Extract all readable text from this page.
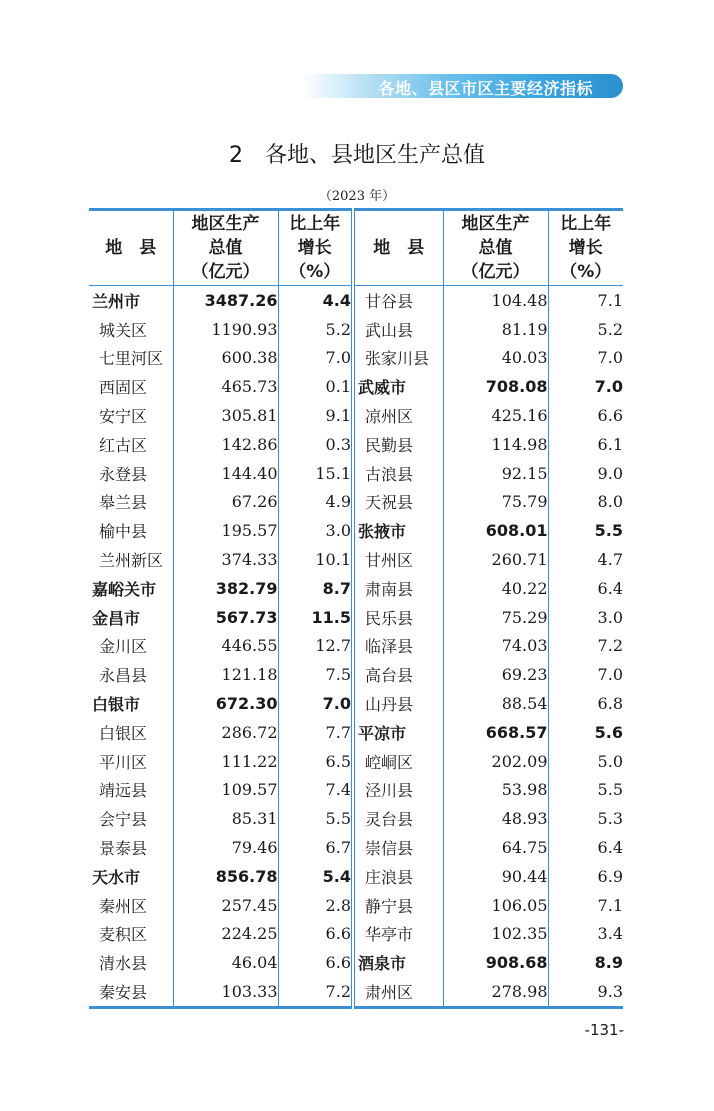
各地、县区市区主要经济指标
2 各地、县地区生产总值
（2023 年）
地　县	地区生产
总值
（亿元）	比上年
增长
（%）	地　县	地区生产
总值
（亿元）	比上年
增长
（%）

兰州市	3487.26	4.4	甘谷县	104.48	7.1
城关区	1190.93	5.2	武山县	81.19	5.2
七里河区	600.38	7.0	张家川县	40.03	7.0
西固区	465.73	0.1	武威市	708.08	7.0
安宁区	305.81	9.1	凉州区	425.16	6.6
红古区	142.86	0.3	民勤县	114.98	6.1
永登县	144.40	15.1	古浪县	92.15	9.0
皋兰县	67.26	4.9	天祝县	75.79	8.0
榆中县	195.57	3.0	张掖市	608.01	5.5
兰州新区	374.33	10.1	甘州区	260.71	4.7
嘉峪关市	382.79	8.7	肃南县	40.22	6.4
金昌市	567.73	11.5	民乐县	75.29	3.0
金川区	446.55	12.7	临泽县	74.03	7.2
永昌县	121.18	7.5	高台县	69.23	7.0
白银市	672.30	7.0	山丹县	88.54	6.8
白银区	286.72	7.7	平凉市	668.57	5.6
平川区	111.22	6.5	崆峒区	202.09	5.0
靖远县	109.57	7.4	泾川县	53.98	5.5
会宁县	85.31	5.5	灵台县	48.93	5.3
景泰县	79.46	6.7	崇信县	64.75	6.4
天水市	856.78	5.4	庄浪县	90.44	6.9
秦州区	257.45	2.8	静宁县	106.05	7.1
麦积区	224.25	6.6	华亭市	102.35	3.4
清水县	46.04	6.6	酒泉市	908.68	8.9
秦安县	103.33	7.2	肃州区	278.98	9.3
-131-
